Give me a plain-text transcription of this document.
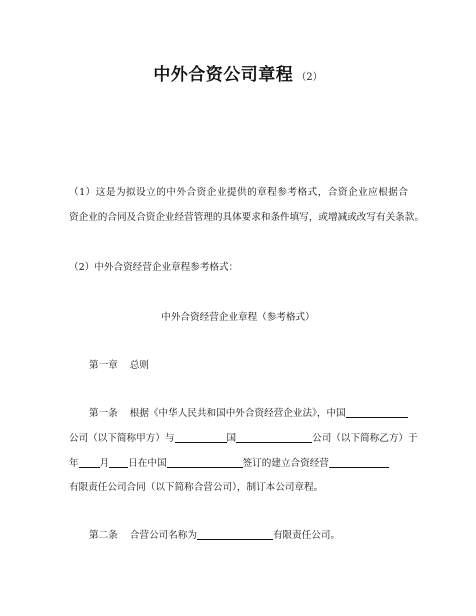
中外合资公司章程 （2）
（1）这是为拟设立的中外合资企业提供的章程参考格式，合资企业应根据合
资企业的合同及合资企业经营管理的具体要求和条件填写，或增减或改写有关条款。
（2）中外合资经营企业章程参考格式：
中外合资经营企业章程（参考格式）
第一章 总则
第一条 根据《中华人民共和国中外合资经营企业法》，中国
公司（以下简称甲方）与	国	公司（以下简称乙方）于
年 月 日在中国	签订的建立合资经营
有限责任公司合同（以下简称合营公司），制订本公司章程。
第二条 合营公司名称为	有限责任公司。
